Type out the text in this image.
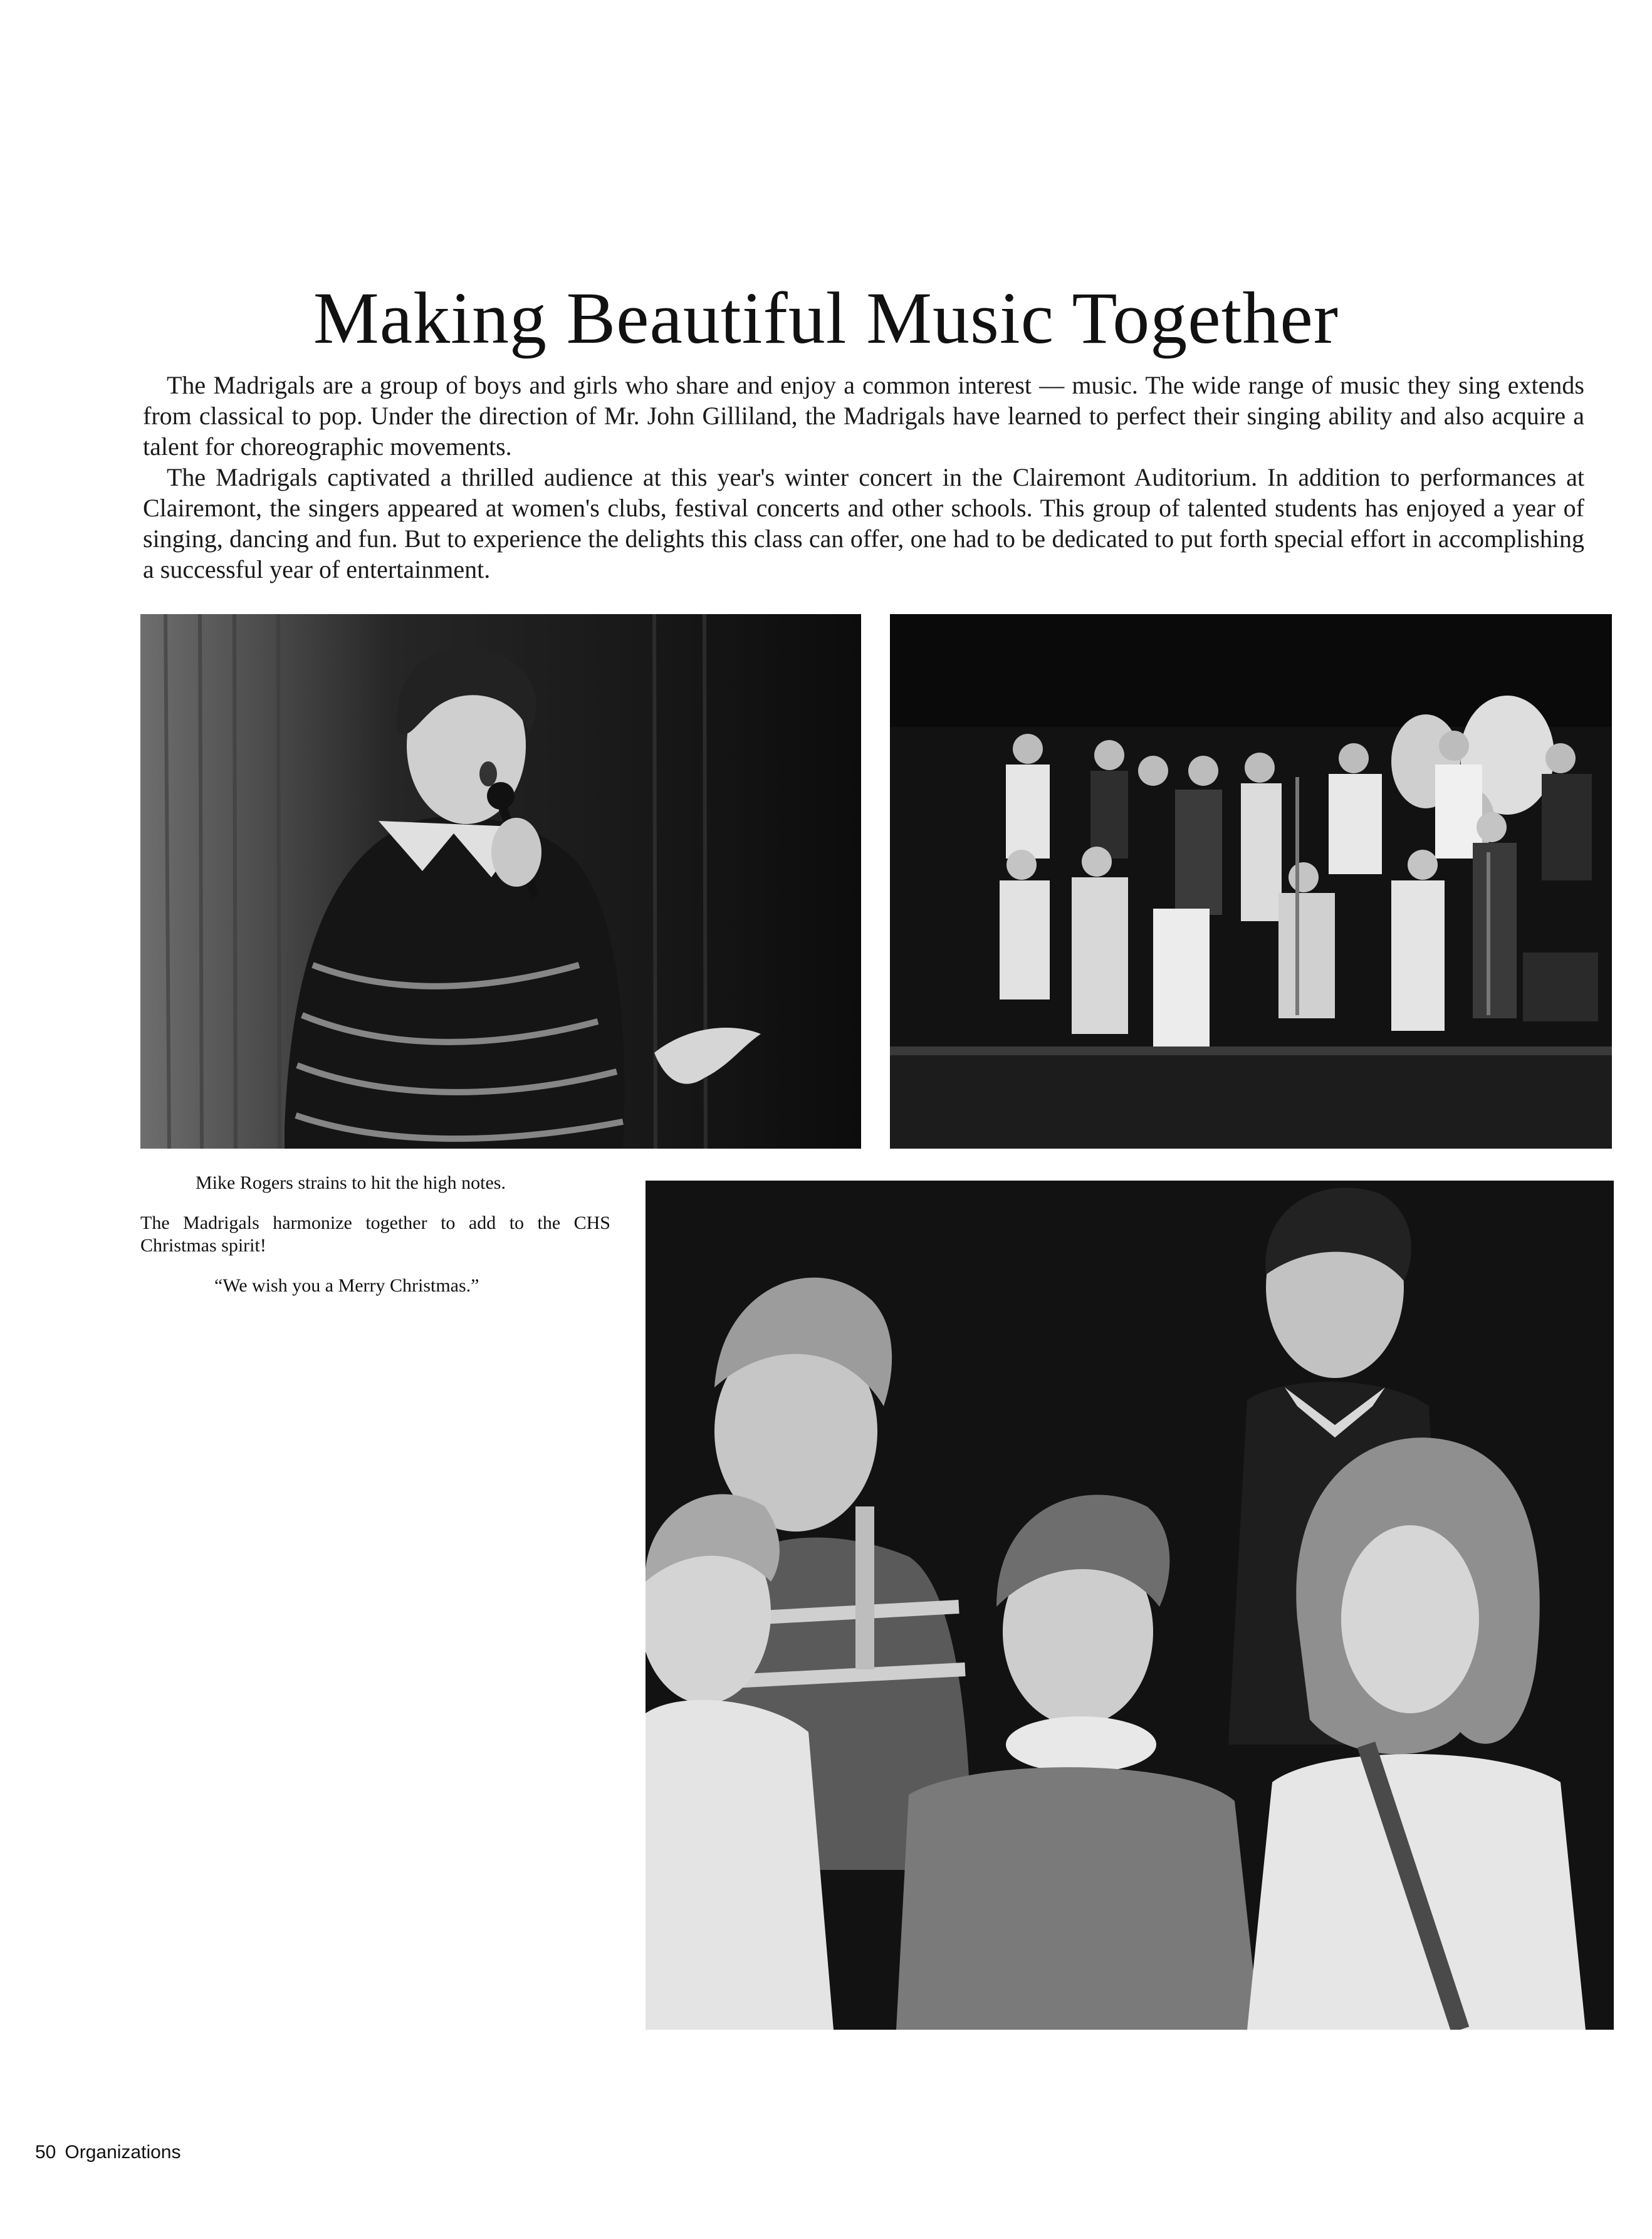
Making Beautiful Music Together

The Madrigals are a group of boys and girls who share and enjoy a common interest — music. The wide range of music they sing extends from classical to pop. Under the direction of Mr. John Gilliland, the Madrigals have learned to perfect their singing ability and also acquire a talent for choreographic movements.

The Madrigals captivated a thrilled audience at this year's winter concert in the Clairemont Auditorium. In addition to performances at Clairemont, the singers appeared at women's clubs, festival concerts and other schools. This group of talented students has enjoyed a year of singing, dancing and fun. But to experience the delights this class can offer, one had to be dedicated to put forth special effort in accomplishing a successful year of entertainment.

Mike Rogers strains to hit the high notes.

The Madrigals harmonize together to add to the CHS Christmas spirit!

“We wish you a Merry Christmas.”

50 Organizations
